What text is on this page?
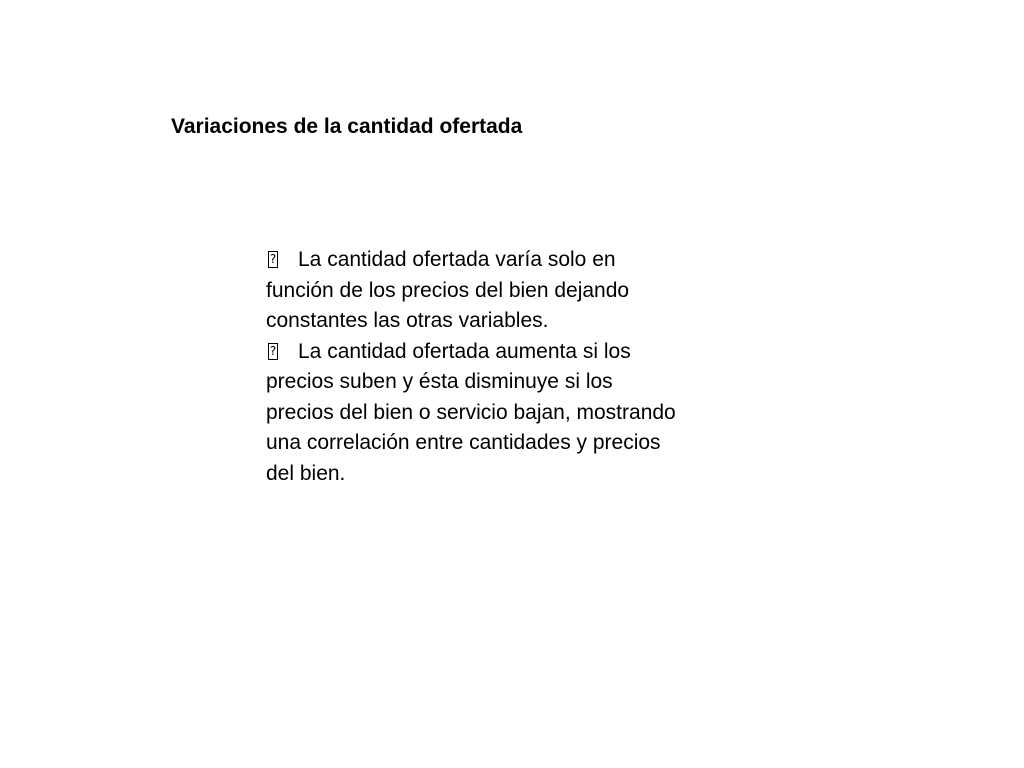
Variaciones de la cantidad ofertada

?La cantidad ofertada varía solo en función de los precios del bien dejando constantes las otras variables.

?La cantidad ofertada aumenta si los precios suben y ésta disminuye si los precios del bien o servicio bajan, mostrando una correlación entre cantidades y precios del bien.
